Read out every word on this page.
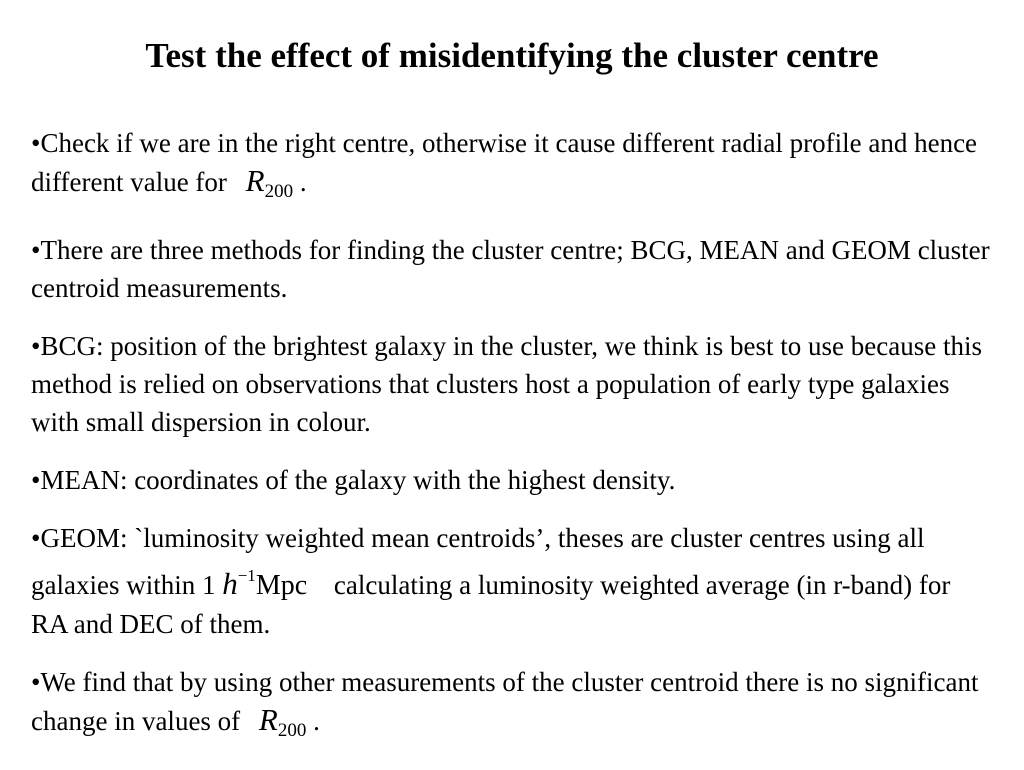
Test the effect of misidentifying the cluster centre

•Check if we are in the right centre, otherwise it cause different radial profile and hence different value for $R_{200}$ .

•There are three methods for finding the cluster centre; BCG, MEAN and GEOM cluster centroid measurements.

•BCG: position of the brightest galaxy in the cluster, we think is best to use because this method is relied on observations that clusters host a population of early type galaxies with small dispersion in colour.

•MEAN: coordinates of the galaxy with the highest density.

•GEOM: `luminosity weighted mean centroids’, theses are cluster centres using all galaxies within 1 $h^{-1}Mpc$ calculating a luminosity weighted average (in r-band) for RA and DEC of them.

•We find that by using other measurements of the cluster centroid there is no significant change in values of $R_{200}$ .
